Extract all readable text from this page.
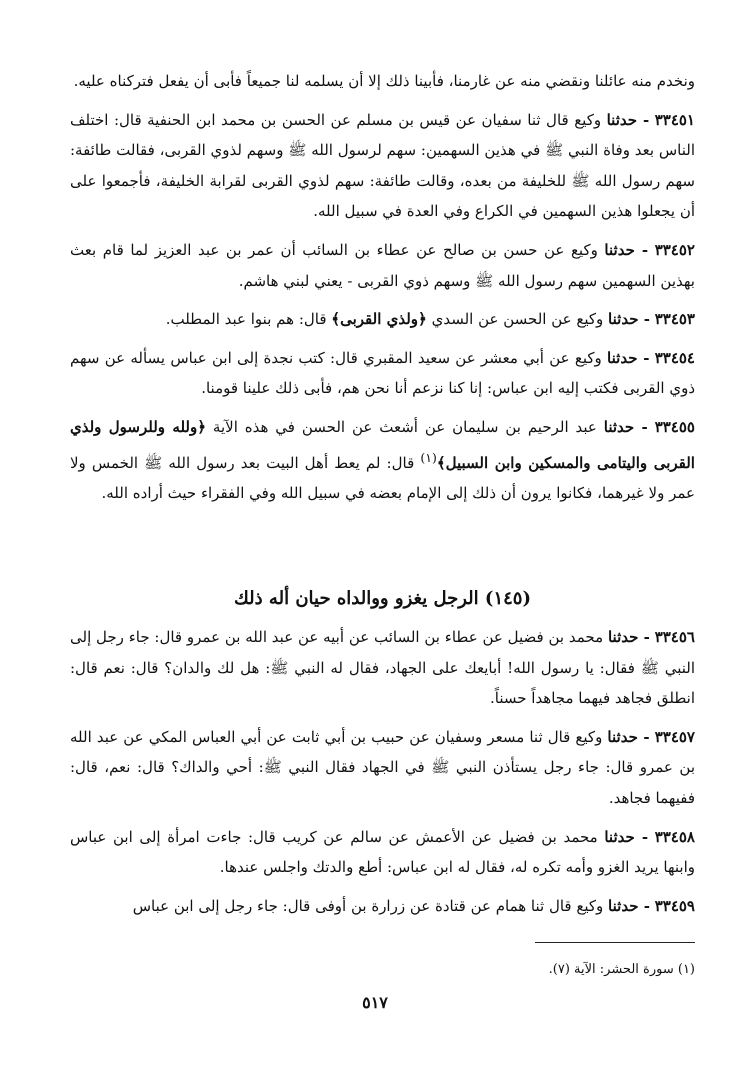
ونخدم منه عائلنا ونقضي منه عن غارمنا، فأبينا ذلك إلا أن يسلمه لنا جميعاً فأبى أن يفعل فتركناه عليه.

٣٣٤٥١ - حدثنا وكيع قال ثنا سفيان عن قيس بن مسلم عن الحسن بن محمد ابن الحنفية قال: اختلف الناس بعد وفاة النبي ﷺ في هذين السهمين: سهم لرسول الله ﷺ وسهم لذوي القربى، فقالت طائفة: سهم رسول الله ﷺ للخليفة من بعده، وقالت طائفة: سهم لذوي القربى لقرابة الخليفة، فأجمعوا على أن يجعلوا هذين السهمين في الكراع وفي العدة في سبيل الله.

٣٣٤٥٢ - حدثنا وكيع عن حسن بن صالح عن عطاء بن السائب أن عمر بن عبد العزيز لما قام بعث بهذين السهمين سهم رسول الله ﷺ وسهم ذوي القربى - يعني لبني هاشم.

٣٣٤٥٣ - حدثنا وكيع عن الحسن عن السدي ﴿ولذي القربى﴾ قال: هم بنوا عبد المطلب.

٣٣٤٥٤ - حدثنا وكيع عن أبي معشر عن سعيد المقبري قال: كتب نجدة إلى ابن عباس يسأله عن سهم ذوي القربى فكتب إليه ابن عباس: إنا كنا نزعم أنا نحن هم، فأبى ذلك علينا قومنا.

٣٣٤٥٥ - حدثنا عبد الرحيم بن سليمان عن أشعث عن الحسن في هذه الآية ﴿ولله وللرسول ولذي القربى واليتامى والمسكين وابن السبيل﴾$^{(١)}$ قال: لم يعط أهل البيت بعد رسول الله ﷺ الخمس ولا عمر ولا غيرهما، فكانوا يرون أن ذلك إلى الإمام بعضه في سبيل الله وفي الفقراء حيث أراده الله.

(١٤٥) الرجل يغزو ووالداه حيان أله ذلك

٣٣٤٥٦ - حدثنا محمد بن فضيل عن عطاء بن السائب عن أبيه عن عبد الله بن عمرو قال: جاء رجل إلى النبي ﷺ فقال: يا رسول الله! أبايعك على الجهاد، فقال له النبي ﷺ: هل لك والدان؟ قال: نعم قال: انطلق فجاهد فيهما مجاهداً حسناً.

٣٣٤٥٧ - حدثنا وكيع قال ثنا مسعر وسفيان عن حبيب بن أبي ثابت عن أبي العباس المكي عن عبد الله بن عمرو قال: جاء رجل يستأذن النبي ﷺ في الجهاد فقال النبي ﷺ: أحي والداك؟ قال: نعم، قال: ففيهما فجاهد.

٣٣٤٥٨ - حدثنا محمد بن فضيل عن الأعمش عن سالم عن كريب قال: جاءت امرأة إلى ابن عباس وابنها يريد الغزو وأمه تكره له، فقال له ابن عباس: أطع والدتك واجلس عندها.

٣٣٤٥٩ - حدثنا وكيع قال ثنا همام عن قتادة عن زرارة بن أوفى قال: جاء رجل إلى ابن عباس

(١) سورة الحشر: الآية (٧).
٥١٧
